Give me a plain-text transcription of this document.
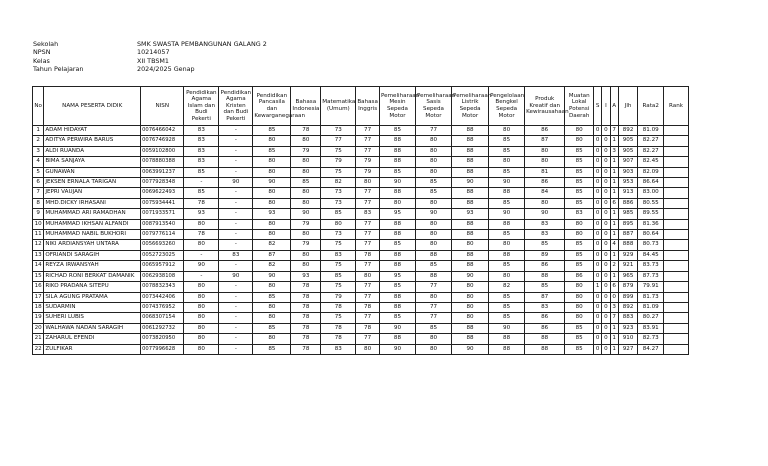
Sekolah	SMK SWASTA PEMBANGUNAN GALANG 2
NPSN	10214057
Kelas	XII TBSM1
Tahun Pelajaran	2024/2025 Genap
No	NAMA PESERTA DIDIK	NISN	Pendidikan Agama Islam dan Budi Pekerti	Pendidikan Agama Kristen dan Budi Pekerti	Pendidikan Pancasila dan Kewarganegaraan	Bahasa Indonesia	Matematika (Umum)	Bahasa Inggris	Pemeliharaan Mesin Sepeda Motor	Pemeliharaan Sasis Sepeda Motor	Pemeliharaan Listrik Sepeda Motor	Pengelolaan Bengkel Sepeda Motor	Produk Kreatif dan Kewirausahaan	Muatan Lokal Potensi Daerah	S	I	A	Jlh	Rata2	Rank
1	ADAM HIDAYAT	0076466042	83	-	85	78	73	77	85	77	88	80	86	80	0	0	7	892	81.09	
2	ADITYA PERWIRA BARUS	0076746928	83	-	80	80	77	77	88	80	88	85	87	80	0	0	1	905	82.27	
3	ALDI RUANDA	0059102800	83	-	85	79	75	77	88	80	88	85	80	85	0	0	3	905	82.27	
4	BIMA SANJAYA	0078880388	83	-	80	80	79	79	88	80	88	80	80	85	0	0	1	907	82.45	
5	GUNAWAN	0063991237	85	-	80	80	75	79	85	80	88	85	81	85	0	0	1	903	82.09	
6	JEKSEN ERNALA TARIGAN	0077928348	-	90	90	85	82	80	90	85	90	90	86	85	0	0	1	953	86.64	
7	JEPRI VAUJAN	0069622493	85	-	80	80	73	77	88	85	88	88	84	85	0	0	1	913	83.00	
8	MHD.DICKY IRHASANI	0075934441	78	-	80	80	73	77	80	80	88	85	80	85	0	0	6	886	80.55	
9	MUHAMMAD ARI RAMADHAN	0071933571	93	-	93	90	85	83	95	90	93	90	90	83	0	0	1	985	89.55	
10	MUHAMMAD IKHSAN ALFANDI	0087913540	80	-	80	79	80	77	88	80	88	88	83	80	0	0	1	895	81.36	
11	MUHAMMAD NABIL BUKHORI	0079776114	78	-	80	80	73	77	88	80	88	85	83	80	0	0	1	887	80.64	
12	NIKI ARDIANSYAH UNTARA	0056693260	80	-	82	79	75	77	85	80	80	80	85	85	0	0	4	888	80.73	
13	OFRIANDI SARAGIH	0052723025	-	83	87	80	83	78	88	88	88	88	89	85	0	0	1	929	84.45	
14	REYZA IRWANSYAH	0065957912	90	-	82	80	75	77	88	85	88	85	86	85	0	0	2	921	83.73	
15	RICHAD RONI BERKAT DAMANIK	0062938108	-	90	90	93	85	80	95	88	90	80	88	86	0	0	1	965	87.73	
16	RIKO PRADANA SITEPU	0078832343	80	-	80	78	75	77	85	77	80	82	85	80	1	0	6	879	79.91	
17	SILA AGUNG PRATAMA	0073442406	80	-	85	78	79	77	88	80	80	85	87	80	0	0	0	899	81.73	
18	SUDARMIN	0074376952	80	-	80	78	78	78	88	77	80	85	83	80	0	0	3	892	81.09	
19	SUHERI LUBIS	0068307154	80	-	80	78	75	77	85	77	80	85	86	80	0	0	7	883	80.27	
20	WALHAWA NADAN SARAGIH	0061292732	80	-	85	78	78	78	90	85	88	90	86	85	0	0	1	923	83.91	
21	ZAHARUL EFENDI	0073820950	80	-	80	78	78	77	88	80	88	88	88	85	0	0	1	910	82.73	
22	ZULFIKAR	0077996628	80	-	85	78	83	80	90	80	90	88	88	85	0	0	1	927	84.27	
